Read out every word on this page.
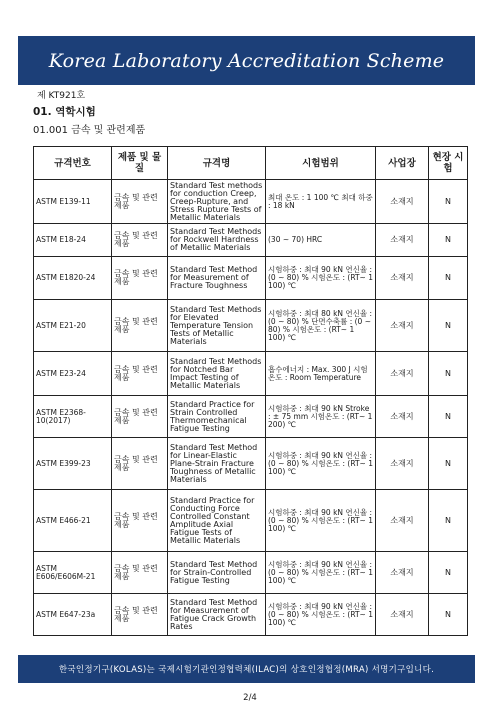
Korea Laboratory Accreditation Scheme
제 KT921호
01. 역학시험
01.001 금속 및 관련제품
규격번호	제품 및 물질	규격명	시험범위	사업장	현장 시험
ASTM E139-11	금속 및 관련제품	Standard Test methods for conduction Creep, Creep-Rupture, and Stress Rupture Tests of Metallic Materials	최대 온도 : 1 100 ℃ 최대 하중 : 18 kN	소재지	N
ASTM E18-24	금속 및 관련제품	Standard Test Methods for Rockwell Hardness of Metallic Materials	(30 ~ 70) HRC	소재지	N
ASTM E1820-24	금속 및 관련제품	Standard Test Method for Measurement of Fracture Toughness	시험하중 : 최대 90 kN 연신율 : (0 ~ 80) % 시험온도 : (RT~ 1 100) ℃	소재지	N
ASTM E21-20	금속 및 관련제품	Standard Test Methods for Elevated Temperature Tension Tests of Metallic Materials	시험하중 : 최대 80 kN 연신율 : (0 ~ 80) % 단면수축률 : (0 ~ 80) % 시험온도 : (RT~ 1 100) ℃	소재지	N
ASTM E23-24	금속 및 관련제품	Standard Test Methods for Notched Bar Impact Testing of Metallic Materials	흡수에너지 : Max. 300 J 시험온도 : Room Temperature	소재지	N
ASTM E2368-10(2017)	금속 및 관련제품	Standard Practice for Strain Controlled Thermomechanical Fatigue Testing	시험하중 : 최대 90 kN Stroke : ± 75 mm 시험온도 : (RT~ 1 200) ℃	소재지	N
ASTM E399-23	금속 및 관련제품	Standard Test Method for Linear-Elastic Plane-Strain Fracture Toughness of Metallic Materials	시험하중 : 최대 90 kN 연신율 : (0 ~ 80) % 시험온도 : (RT~ 1 100) ℃	소재지	N
ASTM E466-21	금속 및 관련제품	Standard Practice for Conducting Force Controlled Constant Amplitude Axial Fatigue Tests of Metallic Materials	시험하중 : 최대 90 kN 연신율 : (0 ~ 80) % 시험온도 : (RT~ 1 100) ℃	소재지	N
ASTM E606/E606M-21	금속 및 관련제품	Standard Test Method for Strain-Controlled Fatigue Testing	시험하중 : 최대 90 kN 연신율 : (0 ~ 80) % 시험온도 : (RT~ 1 100) ℃	소재지	N
ASTM E647-23a	금속 및 관련제품	Standard Test Method for Measurement of Fatigue Crack Growth Rates	시험하중 : 최대 90 kN 연신율 : (0 ~ 80) % 시험온도 : (RT~ 1 100) ℃	소재지	N
한국인정기구(KOLAS)는 국제시험기관인정협력체(ILAC)의 상호인정협정(MRA) 서명기구입니다.
2/4
